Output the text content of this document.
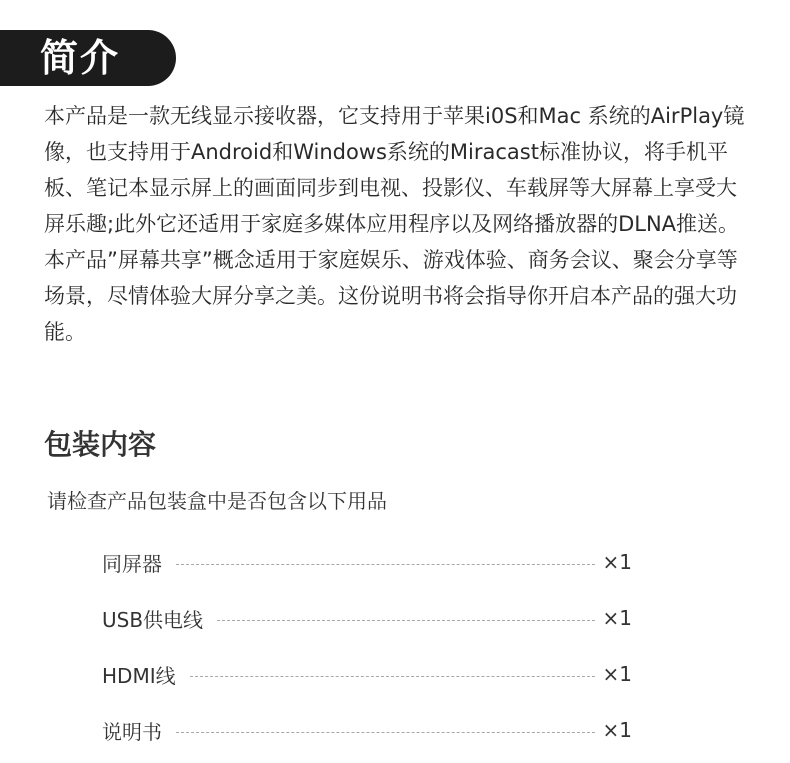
简介

本产品是一款无线显示接收器，它支持用于苹果i0S和Mac 系统的AirPlay镜像，也支持用于Android和Windows系统的Miracast标准协议，将手机平板、笔记本显示屏上的画面同步到电视、投影仪、车载屏等大屏幕上享受大屏乐趣;此外它还适用于家庭多媒体应用程序以及网络播放器的DLNA推送。本产品”屏幕共享”概念适用于家庭娱乐、游戏体验、商务会议、聚会分享等场景，尽情体验大屏分享之美。这份说明书将会指导你开启本产品的强大功能。

包装内容

请检查产品包装盒中是否包含以下用品

同屏器	×1
USB供电线	×1
HDMI线	×1
说明书	×1
